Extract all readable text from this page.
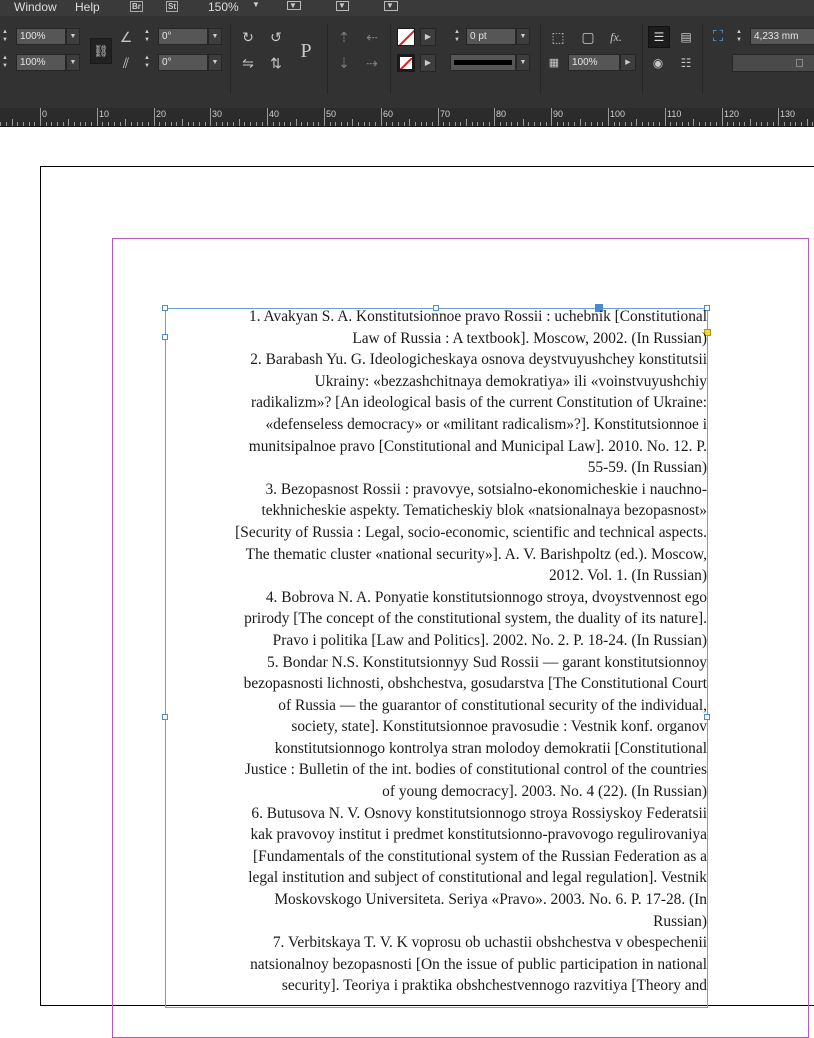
Window Help	Br	St	150% ▼	▼	▼	▼
▲
▼	100%	▼
▲
▼	100%	▼
⛓
∠	▲
▼	0°	▼
⫽	▲
▼	0°	▼
↻ ↺
⇋ ⇅
P
⇡ ⇠
⇣ ⇢
▶
▶
▲
▼	0 pt	▼
▼
⬚ ▢	fx.
▦	100%	▶
☰	▤
◉	☷
⛶	▲
▼	4,233 mm
0	10	20	30	40	50	60	70	80	90	100	110	120	130
1. Avakyan S. A. Konstitutsionnoe pravo Rossii : uchebnik [Constitutional
Law of Russia : A textbook]. Moscow, 2002. (In Russian)
2. Barabash Yu. G. Ideologicheskaya osnova deystvuyushchey konstitutsii
Ukrainy: «bezzashchitnaya demokratiya» ili «voinstvuyushchiy
radikalizm»? [An ideological basis of the current Constitution of Ukraine:
«defenseless democracy» or «militant radicalism»?]. Konstitutsionnoe i
munitsipalnoe pravo [Constitutional and Municipal Law]. 2010. No. 12. P.
55-59. (In Russian)
3. Bezopasnost Rossii : pravovye, sotsialno-ekonomicheskie i nauchno-
tekhnicheskie aspekty. Tematicheskiy blok «natsionalnaya bezopasnost»
[Security of Russia : Legal, socio-economic, scientific and technical aspects.
The thematic cluster «national security»]. A. V. Barishpoltz (ed.). Moscow,
2012. Vol. 1. (In Russian)
4. Bobrova N. A. Ponyatie konstitutsionnogo stroya, dvoystvennost ego
prirody [The concept of the constitutional system, the duality of its nature].
Pravo i politika [Law and Politics]. 2002. No. 2. P. 18-24. (In Russian)
5. Bondar N.S. Konstitutsionnyy Sud Rossii — garant konstitutsionnoy
bezopasnosti lichnosti, obshchestva, gosudarstva [The Constitutional Court
of Russia — the guarantor of constitutional security of the individual,
society, state]. Konstitutsionnoe pravosudie : Vestnik konf. organov
konstitutsionnogo kontrolya stran molodoy demokratii [Constitutional
Justice : Bulletin of the int. bodies of constitutional control of the countries
of young democracy]. 2003. No. 4 (22). (In Russian)
6. Butusova N. V. Osnovy konstitutsionnogo stroya Rossiyskoy Federatsii
kak pravovoy institut i predmet konstitutsionno-pravovogo regulirovaniya
[Fundamentals of the constitutional system of the Russian Federation as a
legal institution and subject of constitutional and legal regulation]. Vestnik
Moskovskogo Universiteta. Seriya «Pravo». 2003. No. 6. P. 17-28. (In
Russian)
7. Verbitskaya T. V. K voprosu ob uchastii obshchestva v obespechenii
natsionalnoy bezopasnosti [On the issue of public participation in national
security]. Teoriya i praktika obshchestvennogo razvitiya [Theory and
